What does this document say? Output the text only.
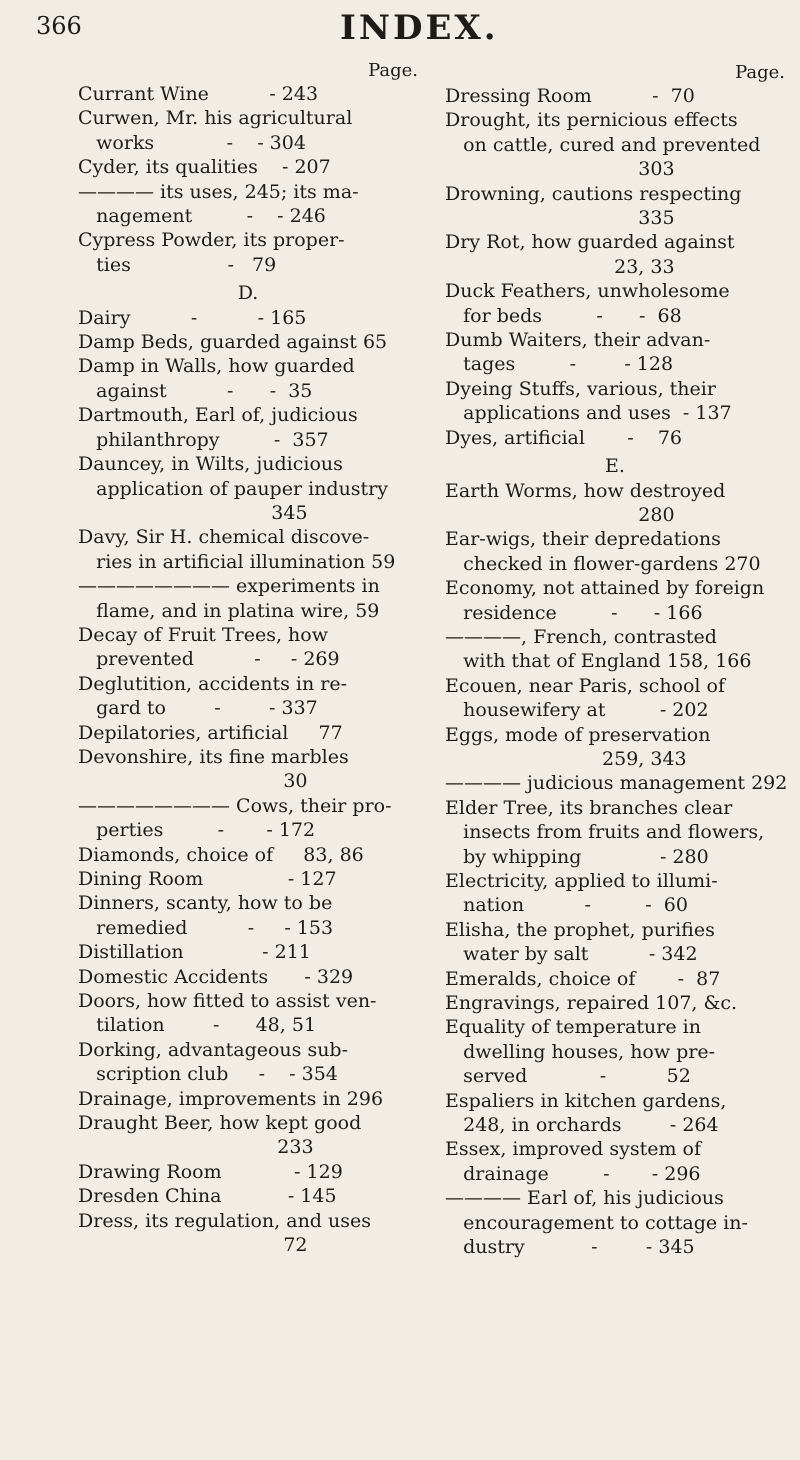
366	INDEX.
Page.
Currant Wine          - 243
Curwen, Mr. his agricultural
works            -    - 304
Cyder, its qualities    - 207
———— its uses, 245; its ma-
nagement         -    - 246
Cypress Powder, its proper-
ties                -   79
D.
Dairy          -          - 165
Damp Beds, guarded against 65
Damp in Walls, how guarded
against          -      -  35
Dartmouth, Earl of, judicious
philanthropy         -  357
Dauncey, in Wilts, judicious
application of pauper industry
345
Davy, Sir H. chemical discove-
ries in artificial illumination 59
———————— experiments in
flame, and in platina wire, 59
Decay of Fruit Trees, how
prevented          -     - 269
Deglutition, accidents in re-
gard to        -        - 337
Depilatories, artificial     77
Devonshire, its fine marbles
30
———————— Cows, their pro-
perties         -       - 172
Diamonds, choice of     83, 86
Dining Room              - 127
Dinners, scanty, how to be
remedied          -     - 153
Distillation             - 211
Domestic Accidents      - 329
Doors, how fitted to assist ven-
tilation        -      48, 51
Dorking, advantageous sub-
scription club     -    - 354
Drainage, improvements in 296
Draught Beer, how kept good
233
Drawing Room            - 129
Dresden China           - 145
Dress, its regulation, and uses
72
Page.
Dressing Room          -  70
Drought, its pernicious effects
on cattle, cured and prevented
303
Drowning, cautions respecting
335
Dry Rot, how guarded against
23, 33
Duck Feathers, unwholesome
for beds         -      -  68
Dumb Waiters, their advan-
tages         -        - 128
Dyeing Stuffs, various, their
applications and uses  - 137
Dyes, artificial       -    76
E.
Earth Worms, how destroyed
280
Ear-wigs, their depredations
checked in flower-gardens 270
Economy, not attained by foreign
residence         -      - 166
————, French, contrasted
with that of England 158, 166
Ecouen, near Paris, school of
housewifery at         - 202
Eggs, mode of preservation
259, 343
———— judicious management 292
Elder Tree, its branches clear
insects from fruits and flowers,
by whipping             - 280
Electricity, applied to illumi-
nation          -         -  60
Elisha, the prophet, purifies
water by salt          - 342
Emeralds, choice of       -  87
Engravings, repaired 107, &c.
Equality of temperature in
dwelling houses, how pre-
served            -          52
Espaliers in kitchen gardens,
248, in orchards        - 264
Essex, improved system of
drainage         -       - 296
———— Earl of, his judicious
encouragement to cottage in-
dustry           -        - 345
